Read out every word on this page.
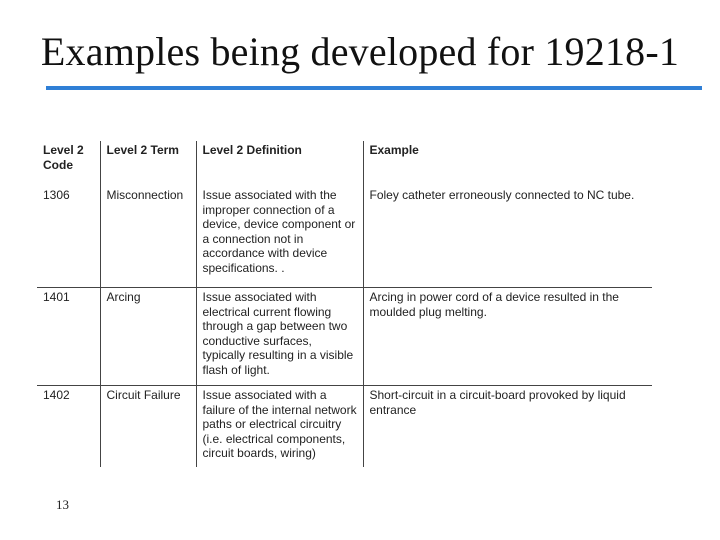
Examples being developed for 19218-1
Level 2 Code	Level 2 Term	Level 2 Definition	Example
1306	Misconnection	Issue associated with the improper connection of a device, device component or a connection not in accordance with device specifications. .	Foley catheter erroneously connected to NC tube.
1401	Arcing	Issue associated with electrical current flowing through a gap between two conductive surfaces, typically resulting in a visible flash of light.	Arcing in power cord of a device resulted in the moulded plug melting.
1402	Circuit Failure	Issue associated with a failure of the internal network paths or electrical circuitry (i.e. electrical components, circuit boards, wiring)	Short-circuit in a circuit-board provoked by liquid entrance
13
